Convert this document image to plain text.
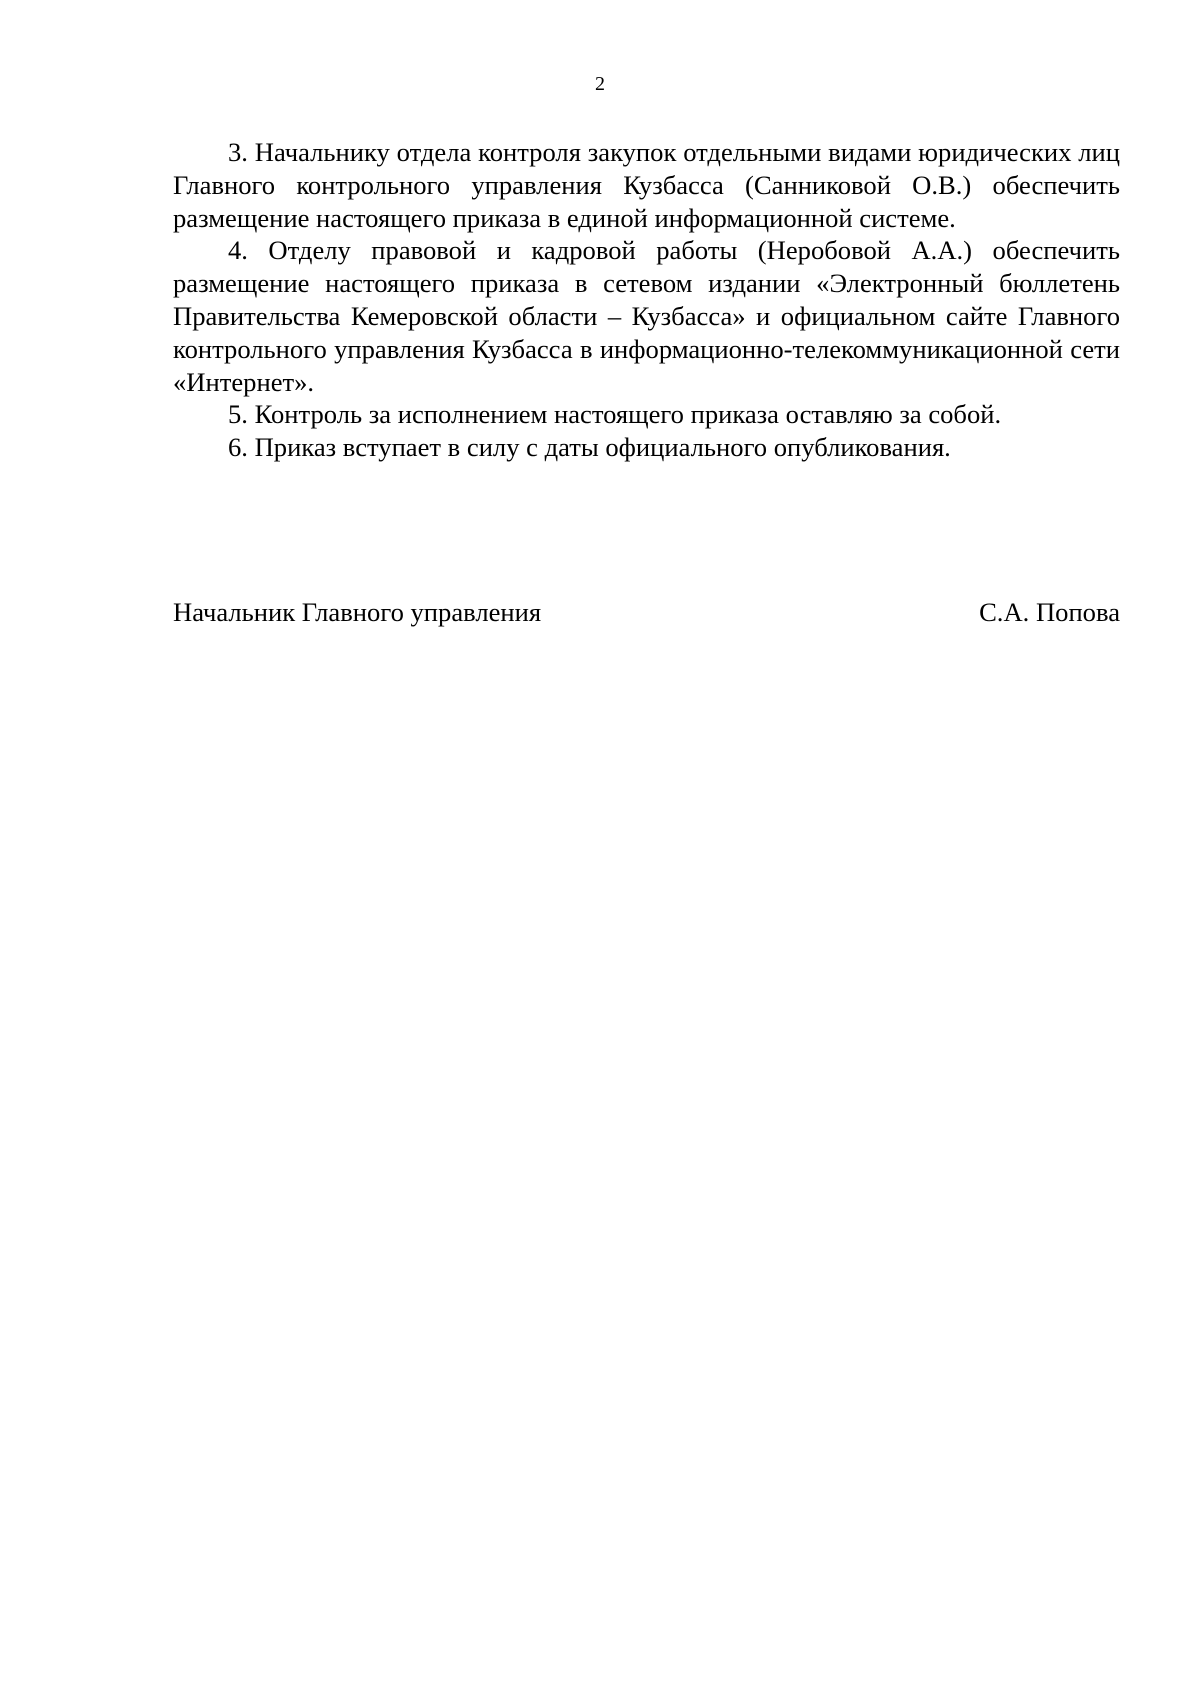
2

3. Начальнику отдела контроля закупок отдельными видами юридических лиц Главного контрольного управления Кузбасса (Санниковой О.В.) обеспечить размещение настоящего приказа в единой информационной системе.

4. Отделу правовой и кадровой работы (Неробовой А.А.) обеспечить размещение настоящего приказа в сетевом издании «Электронный бюллетень Правительства Кемеровской области – Кузбасса» и официальном сайте Главного контрольного управления Кузбасса в информационно-телекоммуникационной сети «Интернет».

5. Контроль за исполнением настоящего приказа оставляю за собой.

6. Приказ вступает в силу с даты официального опубликования.

Начальник Главного управления	С.А. Попова
